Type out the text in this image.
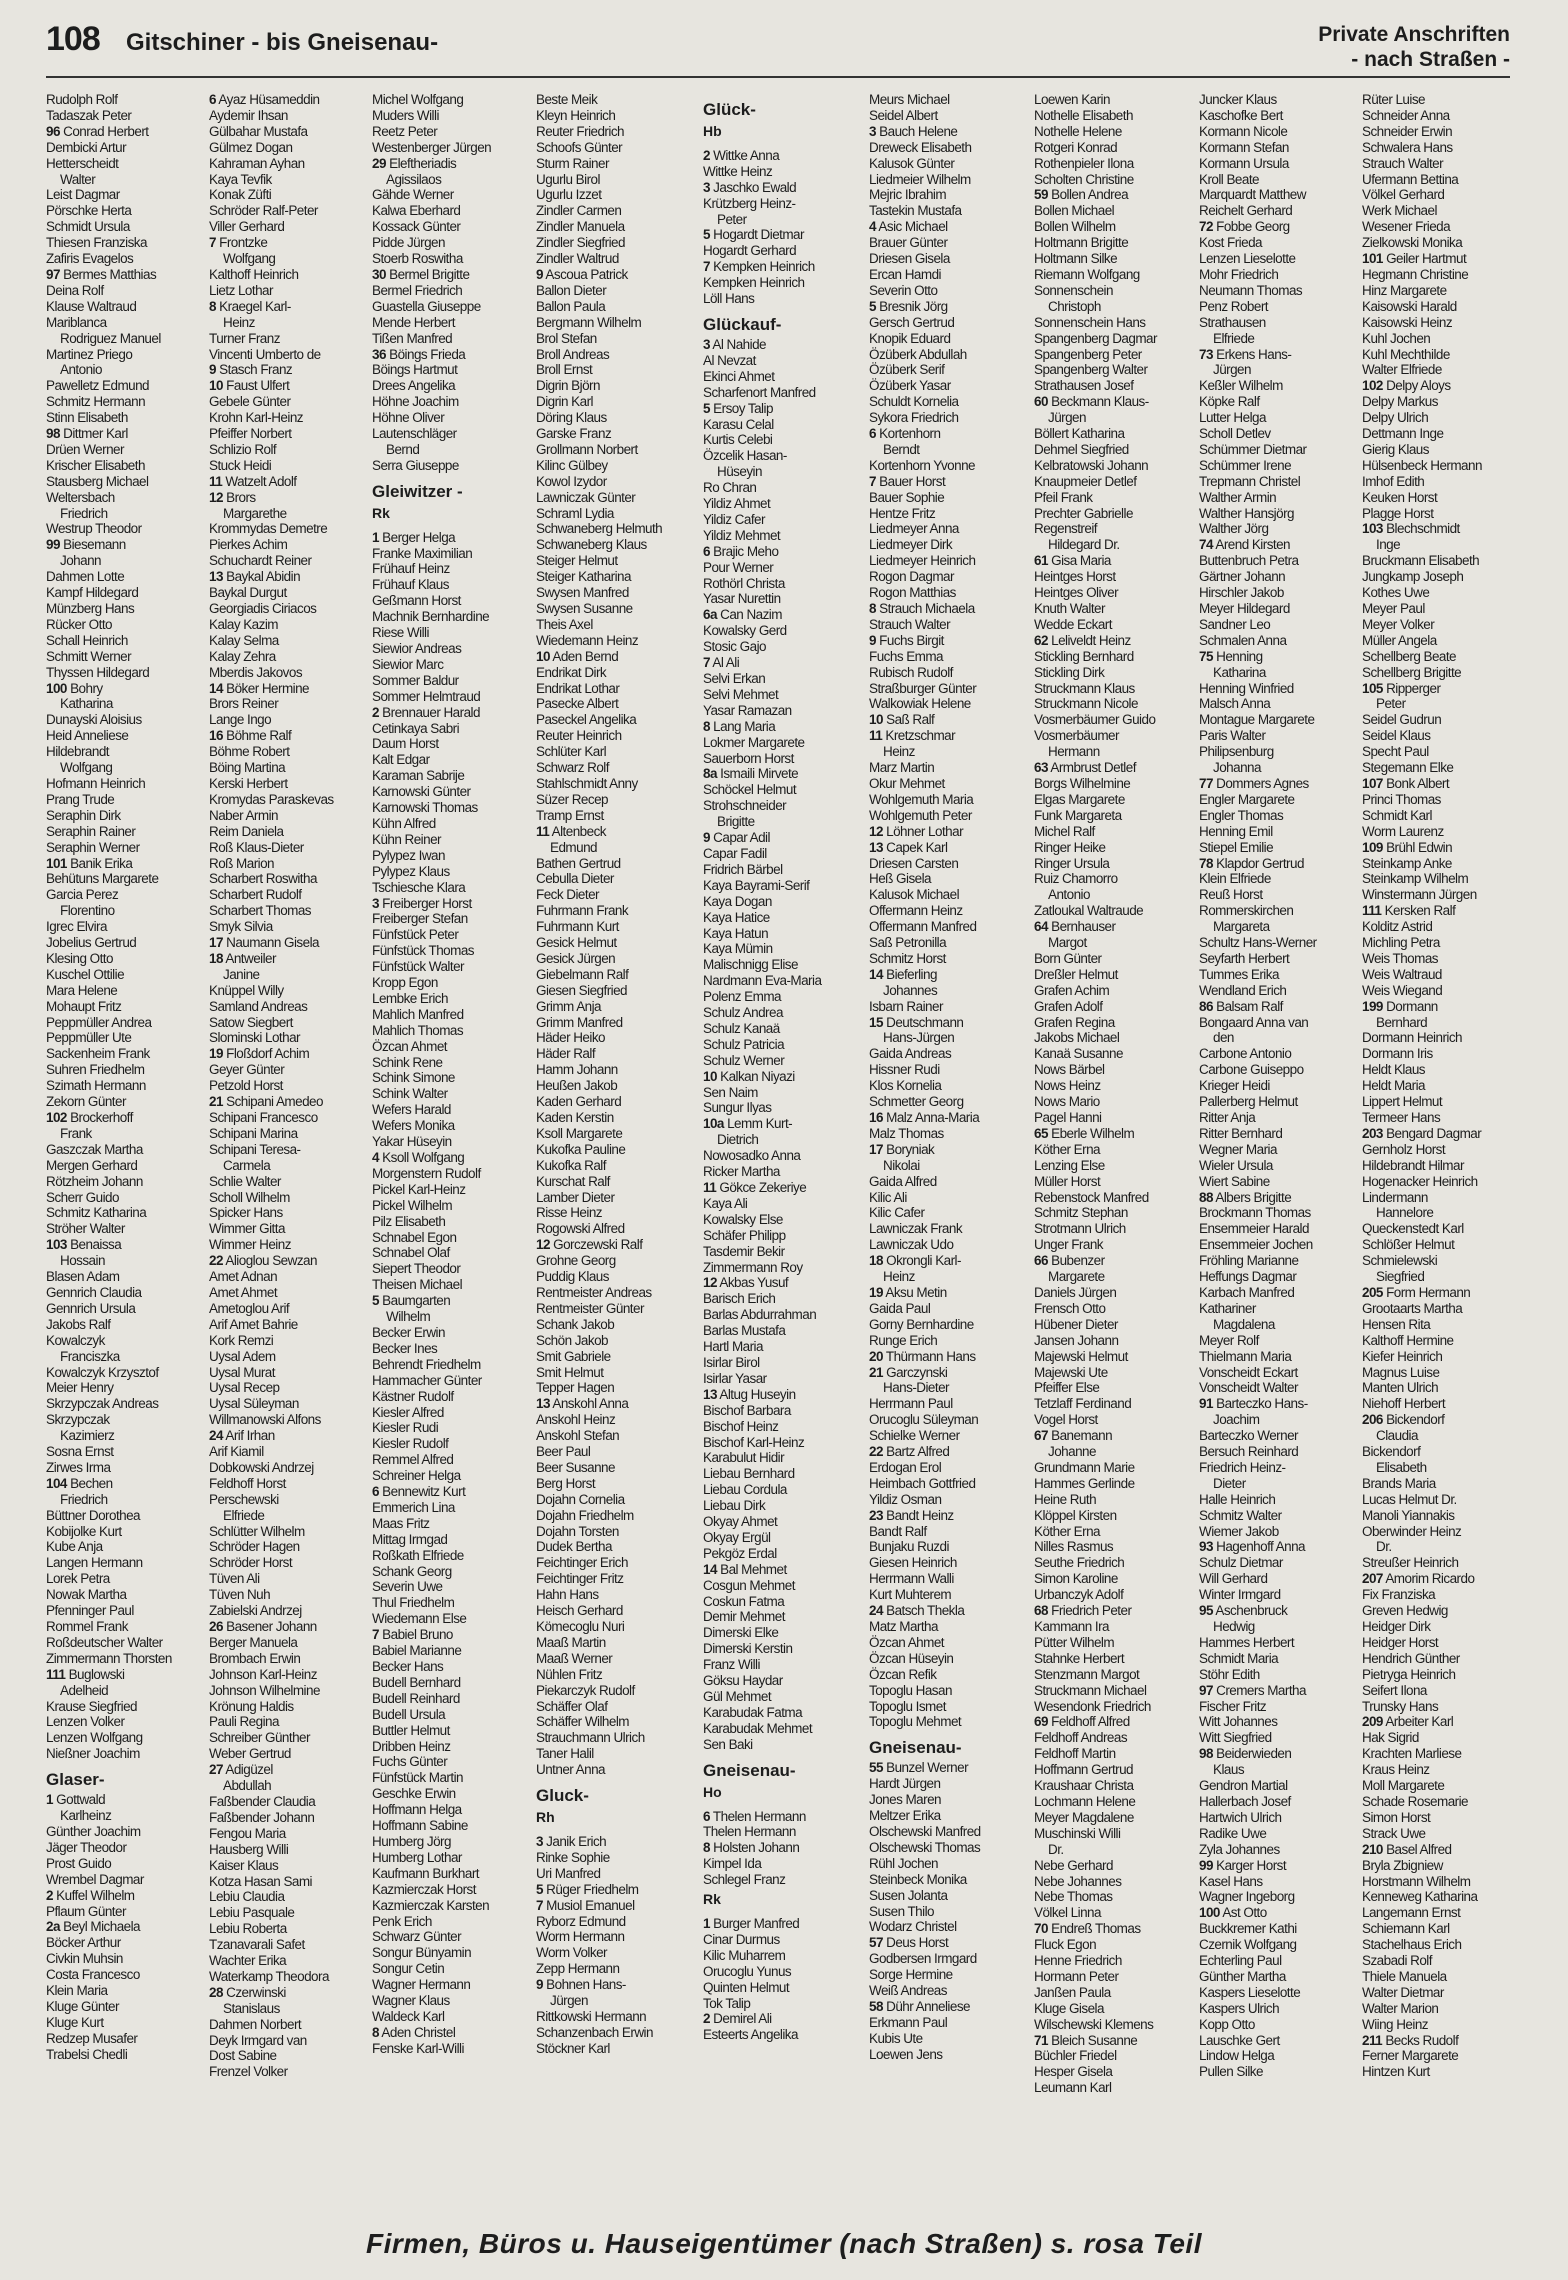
108 Gitschiner - bis Gneisenau-	Private Anschriften
- nach Straßen -
Rudolph Rolf
Tadaszak Peter
96 Conrad Herbert
Dembicki Artur
Hetterscheidt
Walter
Leist Dagmar
Pörschke Herta
Schmidt Ursula
Thiesen Franziska
Zafiris Evagelos
97 Bermes Matthias
Deina Rolf
Klause Waltraud
Mariblanca
Rodriguez Manuel
Martinez Priego
Antonio
Pawelletz Edmund
Schmitz Hermann
Stinn Elisabeth
98 Dittmer Karl
Drüen Werner
Krischer Elisabeth
Stausberg Michael
Weltersbach
Friedrich
Westrup Theodor
99 Biesemann
Johann
Dahmen Lotte
Kampf Hildegard
Münzberg Hans
Rücker Otto
Schall Heinrich
Schmitt Werner
Thyssen Hildegard
100 Bohry
Katharina
Dunayski Aloisius
Heid Anneliese
Hildebrandt
Wolfgang
Hofmann Heinrich
Prang Trude
Seraphin Dirk
Seraphin Rainer
Seraphin Werner
101 Banik Erika
Behütuns Margarete
Garcia Perez
Florentino
Igrec Elvira
Jobelius Gertrud
Klesing Otto
Kuschel Ottilie
Mara Helene
Mohaupt Fritz
Peppmüller Andrea
Peppmüller Ute
Sackenheim Frank
Suhren Friedhelm
Szimath Hermann
Zekorn Günter
102 Brockerhoff
Frank
Gaszczak Martha
Mergen Gerhard
Rötzheim Johann
Scherr Guido
Schmitz Katharina
Ströher Walter
103 Benaissa
Hossain
Blasen Adam
Gennrich Claudia
Gennrich Ursula
Jakobs Ralf
Kowalczyk
Franciszka
Kowalczyk Krzysztof
Meier Henry
Skrzypczak Andreas
Skrzypczak
Kazimierz
Sosna Ernst
Zirwes Irma
104 Bechen
Friedrich
Büttner Dorothea
Kobijolke Kurt
Kube Anja
Langen Hermann
Lorek Petra
Nowak Martha
Pfenninger Paul
Rommel Frank
Roßdeutscher Walter
Zimmermann Thorsten
111 Buglowski
Adelheid
Krause Siegfried
Lenzen Volker
Lenzen Wolfgang
Nießner Joachim
Glaser-
1 Gottwald
Karlheinz
Günther Joachim
Jäger Theodor
Prost Guido
Wrembel Dagmar
2 Kuffel Wilhelm
Pflaum Günter
2a Beyl Michaela
Böcker Arthur
Civkin Muhsin
Costa Francesco
Klein Maria
Kluge Günter
Kluge Kurt
Redzep Musafer
Trabelsi Chedli
6 Ayaz Hüsameddin
Aydemir Ihsan
Gülbahar Mustafa
Gülmez Dogan
Kahraman Ayhan
Kaya Tevfik
Konak Züfti
Schröder Ralf-Peter
Viller Gerhard
7 Frontzke
Wolfgang
Kalthoff Heinrich
Lietz Lothar
8 Kraegel Karl-
Heinz
Turner Franz
Vincenti Umberto de
9 Stasch Franz
10 Faust Ulfert
Gebele Günter
Krohn Karl-Heinz
Pfeiffer Norbert
Schlizio Rolf
Stuck Heidi
11 Watzelt Adolf
12 Brors
Margarethe
Krommydas Demetre
Pierkes Achim
Schuchardt Reiner
13 Baykal Abidin
Baykal Durgut
Georgiadis Ciriacos
Kalay Kazim
Kalay Selma
Kalay Zehra
Mberdis Jakovos
14 Böker Hermine
Brors Reiner
Lange Ingo
16 Böhme Ralf
Böhme Robert
Böing Martina
Kerski Herbert
Kromydas Paraskevas
Naber Armin
Reim Daniela
Roß Klaus-Dieter
Roß Marion
Scharbert Roswitha
Scharbert Rudolf
Scharbert Thomas
Smyk Silvia
17 Naumann Gisela
18 Antweiler
Janine
Knüppel Willy
Samland Andreas
Satow Siegbert
Slominski Lothar
19 Floßdorf Achim
Geyer Günter
Petzold Horst
21 Schipani Amedeo
Schipani Francesco
Schipani Marina
Schipani Teresa-
Carmela
Schlie Walter
Scholl Wilhelm
Spicker Hans
Wimmer Gitta
Wimmer Heinz
22 Alioglou Sewzan
Amet Adnan
Amet Ahmet
Ametoglou Arif
Arif Amet Bahrie
Kork Remzi
Uysal Adem
Uysal Murat
Uysal Recep
Uysal Süleyman
Willmanowski Alfons
24 Arif Irhan
Arif Kiamil
Dobkowski Andrzej
Feldhoff Horst
Perschewski
Elfriede
Schlütter Wilhelm
Schröder Hagen
Schröder Horst
Tüven Ali
Tüven Nuh
Zabielski Andrzej
26 Basener Johann
Berger Manuela
Brombach Erwin
Johnson Karl-Heinz
Johnson Wilhelmine
Krönung Haldis
Pauli Regina
Schreiber Günther
Weber Gertrud
27 Adigüzel
Abdullah
Faßbender Claudia
Faßbender Johann
Fengou Maria
Hausberg Willi
Kaiser Klaus
Kotza Hasan Sami
Lebiu Claudia
Lebiu Pasquale
Lebiu Roberta
Tzanavarali Safet
Wachter Erika
Waterkamp Theodora
28 Czerwinski
Stanislaus
Dahmen Norbert
Deyk Irmgard van
Dost Sabine
Frenzel Volker
Michel Wolfgang
Muders Willi
Reetz Peter
Westenberger Jürgen
29 Eleftheriadis
Agissilaos
Gähde Werner
Kalwa Eberhard
Kossack Günter
Pidde Jürgen
Stoerb Roswitha
30 Bermel Brigitte
Bermel Friedrich
Guastella Giuseppe
Mende Herbert
Tißen Manfred
36 Böings Frieda
Böings Hartmut
Drees Angelika
Höhne Joachim
Höhne Oliver
Lautenschläger
Bernd
Serra Giuseppe
Gleiwitzer -
Rk
1 Berger Helga
Franke Maximilian
Frühauf Heinz
Frühauf Klaus
Geßmann Horst
Machnik Bernhardine
Riese Willi
Siewior Andreas
Siewior Marc
Sommer Baldur
Sommer Helmtraud
2 Brennauer Harald
Cetinkaya Sabri
Daum Horst
Kalt Edgar
Karaman Sabrije
Karnowski Günter
Karnowski Thomas
Kühn Alfred
Kühn Reiner
Pylypez Iwan
Pylypez Klaus
Tschiesche Klara
3 Freiberger Horst
Freiberger Stefan
Fünfstück Peter
Fünfstück Thomas
Fünfstück Walter
Kropp Egon
Lembke Erich
Mahlich Manfred
Mahlich Thomas
Özcan Ahmet
Schink Rene
Schink Simone
Schink Walter
Wefers Harald
Wefers Monika
Yakar Hüseyin
4 Ksoll Wolfgang
Morgenstern Rudolf
Pickel Karl-Heinz
Pickel Wilhelm
Pilz Elisabeth
Schnabel Egon
Schnabel Olaf
Siepert Theodor
Theisen Michael
5 Baumgarten
Wilhelm
Becker Erwin
Becker Ines
Behrendt Friedhelm
Hammacher Günter
Kästner Rudolf
Kiesler Alfred
Kiesler Rudi
Kiesler Rudolf
Remmel Alfred
Schreiner Helga
6 Bennewitz Kurt
Emmerich Lina
Maas Fritz
Mittag Irmgad
Roßkath Elfriede
Schank Georg
Severin Uwe
Thul Friedhelm
Wiedemann Else
7 Babiel Bruno
Babiel Marianne
Becker Hans
Budell Bernhard
Budell Reinhard
Budell Ursula
Buttler Helmut
Dribben Heinz
Fuchs Günter
Fünfstück Martin
Geschke Erwin
Hoffmann Helga
Hoffmann Sabine
Humberg Jörg
Humberg Lothar
Kaufmann Burkhart
Kazmierczak Horst
Kazmierczak Karsten
Penk Erich
Schwarz Günter
Songur Bünyamin
Songur Cetin
Wagner Hermann
Wagner Klaus
Waldeck Karl
8 Aden Christel
Fenske Karl-Willi
Beste Meik
Kleyn Heinrich
Reuter Friedrich
Schoofs Günter
Sturm Rainer
Ugurlu Birol
Ugurlu Izzet
Zindler Carmen
Zindler Manuela
Zindler Siegfried
Zindler Waltrud
9 Ascoua Patrick
Ballon Dieter
Ballon Paula
Bergmann Wilhelm
Brol Stefan
Broll Andreas
Broll Ernst
Digrin Björn
Digrin Karl
Döring Klaus
Garske Franz
Grollmann Norbert
Kilinc Gülbey
Kowol Izydor
Lawniczak Günter
Schraml Lydia
Schwaneberg Helmuth
Schwaneberg Klaus
Steiger Helmut
Steiger Katharina
Swysen Manfred
Swysen Susanne
Theis Axel
Wiedemann Heinz
10 Aden Bernd
Endrikat Dirk
Endrikat Lothar
Pasecke Albert
Paseckel Angelika
Reuter Heinrich
Schlüter Karl
Schwarz Rolf
Stahlschmidt Anny
Süzer Recep
Tramp Ernst
11 Altenbeck
Edmund
Bathen Gertrud
Cebulla Dieter
Feck Dieter
Fuhrmann Frank
Fuhrmann Kurt
Gesick Helmut
Gesick Jürgen
Giebelmann Ralf
Giesen Siegfried
Grimm Anja
Grimm Manfred
Häder Heiko
Häder Ralf
Hamm Johann
Heußen Jakob
Kaden Gerhard
Kaden Kerstin
Ksoll Margarete
Kukofka Pauline
Kukofka Ralf
Kurschat Ralf
Lamber Dieter
Risse Heinz
Rogowski Alfred
12 Gorczewski Ralf
Grohne Georg
Puddig Klaus
Rentmeister Andreas
Rentmeister Günter
Schank Jakob
Schön Jakob
Smit Gabriele
Smit Helmut
Tepper Hagen
13 Anskohl Anna
Anskohl Heinz
Anskohl Stefan
Beer Paul
Beer Susanne
Berg Horst
Dojahn Cornelia
Dojahn Friedhelm
Dojahn Torsten
Dudek Bertha
Feichtinger Erich
Feichtinger Fritz
Hahn Hans
Heisch Gerhard
Kömecoglu Nuri
Maaß Martin
Maaß Werner
Nühlen Fritz
Piekarczyk Rudolf
Schäffer Olaf
Schäffer Wilhelm
Strauchmann Ulrich
Taner Halil
Untner Anna
Gluck-
Rh
3 Janik Erich
Rinke Sophie
Uri Manfred
5 Rüger Friedhelm
7 Musiol Emanuel
Ryborz Edmund
Worm Hermann
Worm Volker
Zepp Hermann
9 Bohnen Hans-
Jürgen
Rittkowski Hermann
Schanzenbach Erwin
Stöckner Karl
Glück-
Hb
2 Wittke Anna
Wittke Heinz
3 Jaschko Ewald
Krützberg Heinz-
Peter
5 Hogardt Dietmar
Hogardt Gerhard
7 Kempken Heinrich
Kempken Heinrich
Löll Hans
Glückauf-
3 Al Nahide
Al Nevzat
Ekinci Ahmet
Scharfenort Manfred
5 Ersoy Talip
Karasu Celal
Kurtis Celebi
Özcelik Hasan-
Hüseyin
Ro Chran
Yildiz Ahmet
Yildiz Cafer
Yildiz Mehmet
6 Brajic Meho
Pour Werner
Rothörl Christa
Yasar Nurettin
6a Can Nazim
Kowalsky Gerd
Stosic Gajo
7 Al Ali
Selvi Erkan
Selvi Mehmet
Yasar Ramazan
8 Lang Maria
Lokmer Margarete
Sauerborn Horst
8a Ismaili Mirvete
Schöckel Helmut
Strohschneider
Brigitte
9 Capar Adil
Capar Fadil
Fridrich Bärbel
Kaya Bayrami-Serif
Kaya Dogan
Kaya Hatice
Kaya Hatun
Kaya Mümin
Malischnigg Elise
Nardmann Eva-Maria
Polenz Emma
Schulz Andrea
Schulz Kanaä
Schulz Patricia
Schulz Werner
10 Kalkan Niyazi
Sen Naim
Sungur Ilyas
10a Lemm Kurt-
Dietrich
Nowosadko Anna
Ricker Martha
11 Gökce Zekeriye
Kaya Ali
Kowalsky Else
Schäfer Philipp
Tasdemir Bekir
Zimmermann Roy
12 Akbas Yusuf
Barisch Erich
Barlas Abdurrahman
Barlas Mustafa
Hartl Maria
Isirlar Birol
Isirlar Yasar
13 Altug Huseyin
Bischof Barbara
Bischof Heinz
Bischof Karl-Heinz
Karabulut Hidir
Liebau Bernhard
Liebau Cordula
Liebau Dirk
Okyay Ahmet
Okyay Ergül
Pekgöz Erdal
14 Bal Mehmet
Cosgun Mehmet
Coskun Fatma
Demir Mehmet
Dimerski Elke
Dimerski Kerstin
Franz Willi
Göksu Haydar
Gül Mehmet
Karabudak Fatma
Karabudak Mehmet
Sen Baki
Gneisenau-
Ho
6 Thelen Hermann
Thelen Hermann
8 Holsten Johann
Kimpel Ida
Schlegel Franz
Rk
1 Burger Manfred
Cinar Durmus
Kilic Muharrem
Orucoglu Yunus
Quinten Helmut
Tok Talip
2 Demirel Ali
Esteerts Angelika
Meurs Michael
Seidel Albert
3 Bauch Helene
Dreweck Elisabeth
Kalusok Günter
Liedmeier Wilhelm
Mejric Ibrahim
Tastekin Mustafa
4 Asic Michael
Brauer Günter
Driesen Gisela
Ercan Hamdi
Severin Otto
5 Bresnik Jörg
Gersch Gertrud
Knopik Eduard
Özüberk Abdullah
Özüberk Serif
Özüberk Yasar
Schuldt Kornelia
Sykora Friedrich
6 Kortenhorn
Berndt
Kortenhorn Yvonne
7 Bauer Horst
Bauer Sophie
Hentze Fritz
Liedmeyer Anna
Liedmeyer Dirk
Liedmeyer Heinrich
Rogon Dagmar
Rogon Matthias
8 Strauch Michaela
Strauch Walter
9 Fuchs Birgit
Fuchs Emma
Rubisch Rudolf
Straßburger Günter
Walkowiak Helene
10 Saß Ralf
11 Kretzschmar
Heinz
Marz Martin
Okur Mehmet
Wohlgemuth Maria
Wohlgemuth Peter
12 Löhner Lothar
13 Capek Karl
Driesen Carsten
Heß Gisela
Kalusok Michael
Offermann Heinz
Offermann Manfred
Saß Petronilla
Schmitz Horst
14 Bieferling
Johannes
Isbarn Rainer
15 Deutschmann
Hans-Jürgen
Gaida Andreas
Hissner Rudi
Klos Kornelia
Schmetter Georg
16 Malz Anna-Maria
Malz Thomas
17 Boryniak
Nikolai
Gaida Alfred
Kilic Ali
Kilic Cafer
Lawniczak Frank
Lawniczak Udo
18 Okrongli Karl-
Heinz
19 Aksu Metin
Gaida Paul
Gorny Bernhardine
Runge Erich
20 Thürmann Hans
21 Garczynski
Hans-Dieter
Herrmann Paul
Orucoglu Süleyman
Schielke Werner
22 Bartz Alfred
Erdogan Erol
Heimbach Gottfried
Yildiz Osman
23 Bandt Heinz
Bandt Ralf
Bunjaku Ruzdi
Giesen Heinrich
Herrmann Walli
Kurt Muhterem
24 Batsch Thekla
Matz Martha
Özcan Ahmet
Özcan Hüseyin
Özcan Refik
Topoglu Hasan
Topoglu Ismet
Topoglu Mehmet
Gneisenau-
55 Bunzel Werner
Hardt Jürgen
Jones Maren
Meltzer Erika
Olschewski Manfred
Olschewski Thomas
Rühl Jochen
Steinbeck Monika
Susen Jolanta
Susen Thilo
Wodarz Christel
57 Deus Horst
Godbersen Irmgard
Sorge Hermine
Weiß Andreas
58 Dühr Anneliese
Erkmann Paul
Kubis Ute
Loewen Jens
Loewen Karin
Nothelle Elisabeth
Nothelle Helene
Rotgeri Konrad
Rothenpieler Ilona
Scholten Christine
59 Bollen Andrea
Bollen Michael
Bollen Wilhelm
Holtmann Brigitte
Holtmann Silke
Riemann Wolfgang
Sonnenschein
Christoph
Sonnenschein Hans
Spangenberg Dagmar
Spangenberg Peter
Spangenberg Walter
Strathausen Josef
60 Beckmann Klaus-
Jürgen
Böllert Katharina
Dehmel Siegfried
Kelbratowski Johann
Knaupmeier Detlef
Pfeil Frank
Prechter Gabrielle
Regenstreif
Hildegard Dr.
61 Gisa Maria
Heintges Horst
Heintges Oliver
Knuth Walter
Wedde Eckart
62 Leliveldt Heinz
Stickling Bernhard
Stickling Dirk
Struckmann Klaus
Struckmann Nicole
Vosmerbäumer Guido
Vosmerbäumer
Hermann
63 Armbrust Detlef
Borgs Wilhelmine
Elgas Margarete
Funk Margareta
Michel Ralf
Ringer Heike
Ringer Ursula
Ruiz Chamorro
Antonio
Zatloukal Waltraude
64 Bernhauser
Margot
Born Günter
Dreßler Helmut
Grafen Achim
Grafen Adolf
Grafen Regina
Jakobs Michael
Kanaä Susanne
Nows Bärbel
Nows Heinz
Nows Mario
Pagel Hanni
65 Eberle Wilhelm
Köther Erna
Lenzing Else
Müller Horst
Rebenstock Manfred
Schmitz Stephan
Strotmann Ulrich
Unger Frank
66 Bubenzer
Margarete
Daniels Jürgen
Frensch Otto
Hübener Dieter
Jansen Johann
Majewski Helmut
Majewski Ute
Pfeiffer Else
Tetzlaff Ferdinand
Vogel Horst
67 Banemann
Johanne
Grundmann Marie
Hammes Gerlinde
Heine Ruth
Klöppel Kirsten
Köther Erna
Nilles Rasmus
Seuthe Friedrich
Simon Karoline
Urbanczyk Adolf
68 Friedrich Peter
Kammann Ira
Pütter Wilhelm
Stahnke Herbert
Stenzmann Margot
Struckmann Michael
Wesendonk Friedrich
69 Feldhoff Alfred
Feldhoff Andreas
Feldhoff Martin
Hoffmann Gertrud
Kraushaar Christa
Lochmann Helene
Meyer Magdalene
Muschinski Willi
Dr.
Nebe Gerhard
Nebe Johannes
Nebe Thomas
Völkel Linna
70 Endreß Thomas
Fluck Egon
Henne Friedrich
Hormann Peter
Janßen Paula
Kluge Gisela
Wilschewski Klemens
71 Bleich Susanne
Büchler Friedel
Hesper Gisela
Leumann Karl
Juncker Klaus
Kaschofke Bert
Kormann Nicole
Kormann Stefan
Kormann Ursula
Kroll Beate
Marquardt Matthew
Reichelt Gerhard
72 Fobbe Georg
Kost Frieda
Lenzen Lieselotte
Mohr Friedrich
Neumann Thomas
Penz Robert
Strathausen
Elfriede
73 Erkens Hans-
Jürgen
Keßler Wilhelm
Köpke Ralf
Lutter Helga
Scholl Detlev
Schümmer Dietmar
Schümmer Irene
Trepmann Christel
Walther Armin
Walther Hansjörg
Walther Jörg
74 Arend Kirsten
Buttenbruch Petra
Gärtner Johann
Hirschler Jakob
Meyer Hildegard
Sandner Leo
Schmalen Anna
75 Henning
Katharina
Henning Winfried
Malsch Anna
Montague Margarete
Paris Walter
Philipsenburg
Johanna
77 Dommers Agnes
Engler Margarete
Engler Thomas
Henning Emil
Stiepel Emilie
78 Klapdor Gertrud
Klein Elfriede
Reuß Horst
Rommerskirchen
Margareta
Schultz Hans-Werner
Seyfarth Herbert
Tummes Erika
Wendland Erich
86 Balsam Ralf
Bongaard Anna van
den
Carbone Antonio
Carbone Guiseppo
Krieger Heidi
Pallerberg Helmut
Ritter Anja
Ritter Bernhard
Wegner Maria
Wieler Ursula
Wiert Sabine
88 Albers Brigitte
Brockmann Thomas
Ensemmeier Harald
Ensemmeier Jochen
Fröhling Marianne
Heffungs Dagmar
Karbach Manfred
Kathariner
Magdalena
Meyer Rolf
Thielmann Maria
Vonscheidt Eckart
Vonscheidt Walter
91 Barteczko Hans-
Joachim
Barteczko Werner
Bersuch Reinhard
Friedrich Heinz-
Dieter
Halle Heinrich
Schmitz Walter
Wiemer Jakob
93 Hagenhoff Anna
Schulz Dietmar
Will Gerhard
Winter Irmgard
95 Aschenbruck
Hedwig
Hammes Herbert
Schmidt Maria
Stöhr Edith
97 Cremers Martha
Fischer Fritz
Witt Johannes
Witt Siegfried
98 Beiderwieden
Klaus
Gendron Martial
Hallerbach Josef
Hartwich Ulrich
Radike Uwe
Zyla Johannes
99 Karger Horst
Kasel Hans
Wagner Ingeborg
100 Ast Otto
Buckkremer Kathi
Czernik Wolfgang
Echterling Paul
Günther Martha
Kaspers Lieselotte
Kaspers Ulrich
Kopp Otto
Lauschke Gert
Lindow Helga
Pullen Silke
Rüter Luise
Schneider Anna
Schneider Erwin
Schwalera Hans
Strauch Walter
Ufermann Bettina
Völkel Gerhard
Werk Michael
Wesener Frieda
Zielkowski Monika
101 Geiler Hartmut
Hegmann Christine
Hinz Margarete
Kaisowski Harald
Kaisowski Heinz
Kuhl Jochen
Kuhl Mechthilde
Walter Elfriede
102 Delpy Aloys
Delpy Markus
Delpy Ulrich
Dettmann Inge
Gierig Klaus
Hülsenbeck Hermann
Imhof Edith
Keuken Horst
Plagge Horst
103 Blechschmidt
Inge
Bruckmann Elisabeth
Jungkamp Joseph
Kothes Uwe
Meyer Paul
Meyer Volker
Müller Angela
Schellberg Beate
Schellberg Brigitte
105 Ripperger
Peter
Seidel Gudrun
Seidel Klaus
Specht Paul
Stegemann Elke
107 Bonk Albert
Princi Thomas
Schmidt Karl
Worm Laurenz
109 Brühl Edwin
Steinkamp Anke
Steinkamp Wilhelm
Winstermann Jürgen
111 Kersken Ralf
Kolditz Astrid
Michling Petra
Weis Thomas
Weis Waltraud
Weis Wiegand
199 Dormann
Bernhard
Dormann Heinrich
Dormann Iris
Heldt Klaus
Heldt Maria
Lippert Helmut
Termeer Hans
203 Bengard Dagmar
Gernholz Horst
Hildebrandt Hilmar
Hogenacker Heinrich
Lindermann
Hannelore
Queckenstedt Karl
Schlößer Helmut
Schmielewski
Siegfried
205 Form Hermann
Grootaarts Martha
Hensen Rita
Kalthoff Hermine
Kiefer Heinrich
Magnus Luise
Manten Ulrich
Niehoff Herbert
206 Bickendorf
Claudia
Bickendorf
Elisabeth
Brands Maria
Lucas Helmut Dr.
Manoli Yiannakis
Oberwinder Heinz
Dr.
Streußer Heinrich
207 Amorim Ricardo
Fix Franziska
Greven Hedwig
Heidger Dirk
Heidger Horst
Hendrich Günther
Pietryga Heinrich
Seifert Ilona
Trunsky Hans
209 Arbeiter Karl
Hak Sigrid
Krachten Marliese
Kraus Heinz
Moll Margarete
Schade Rosemarie
Simon Horst
Strack Uwe
210 Basel Alfred
Bryla Zbigniew
Horstmann Wilhelm
Kenneweg Katharina
Langemann Ernst
Schiemann Karl
Stachelhaus Erich
Szabadi Rolf
Thiele Manuela
Walter Dietmar
Walter Marion
Wiing Heinz
211 Becks Rudolf
Ferner Margarete
Hintzen Kurt
Firmen, Büros u. Hauseigentümer (nach Straßen) s. rosa Teil
